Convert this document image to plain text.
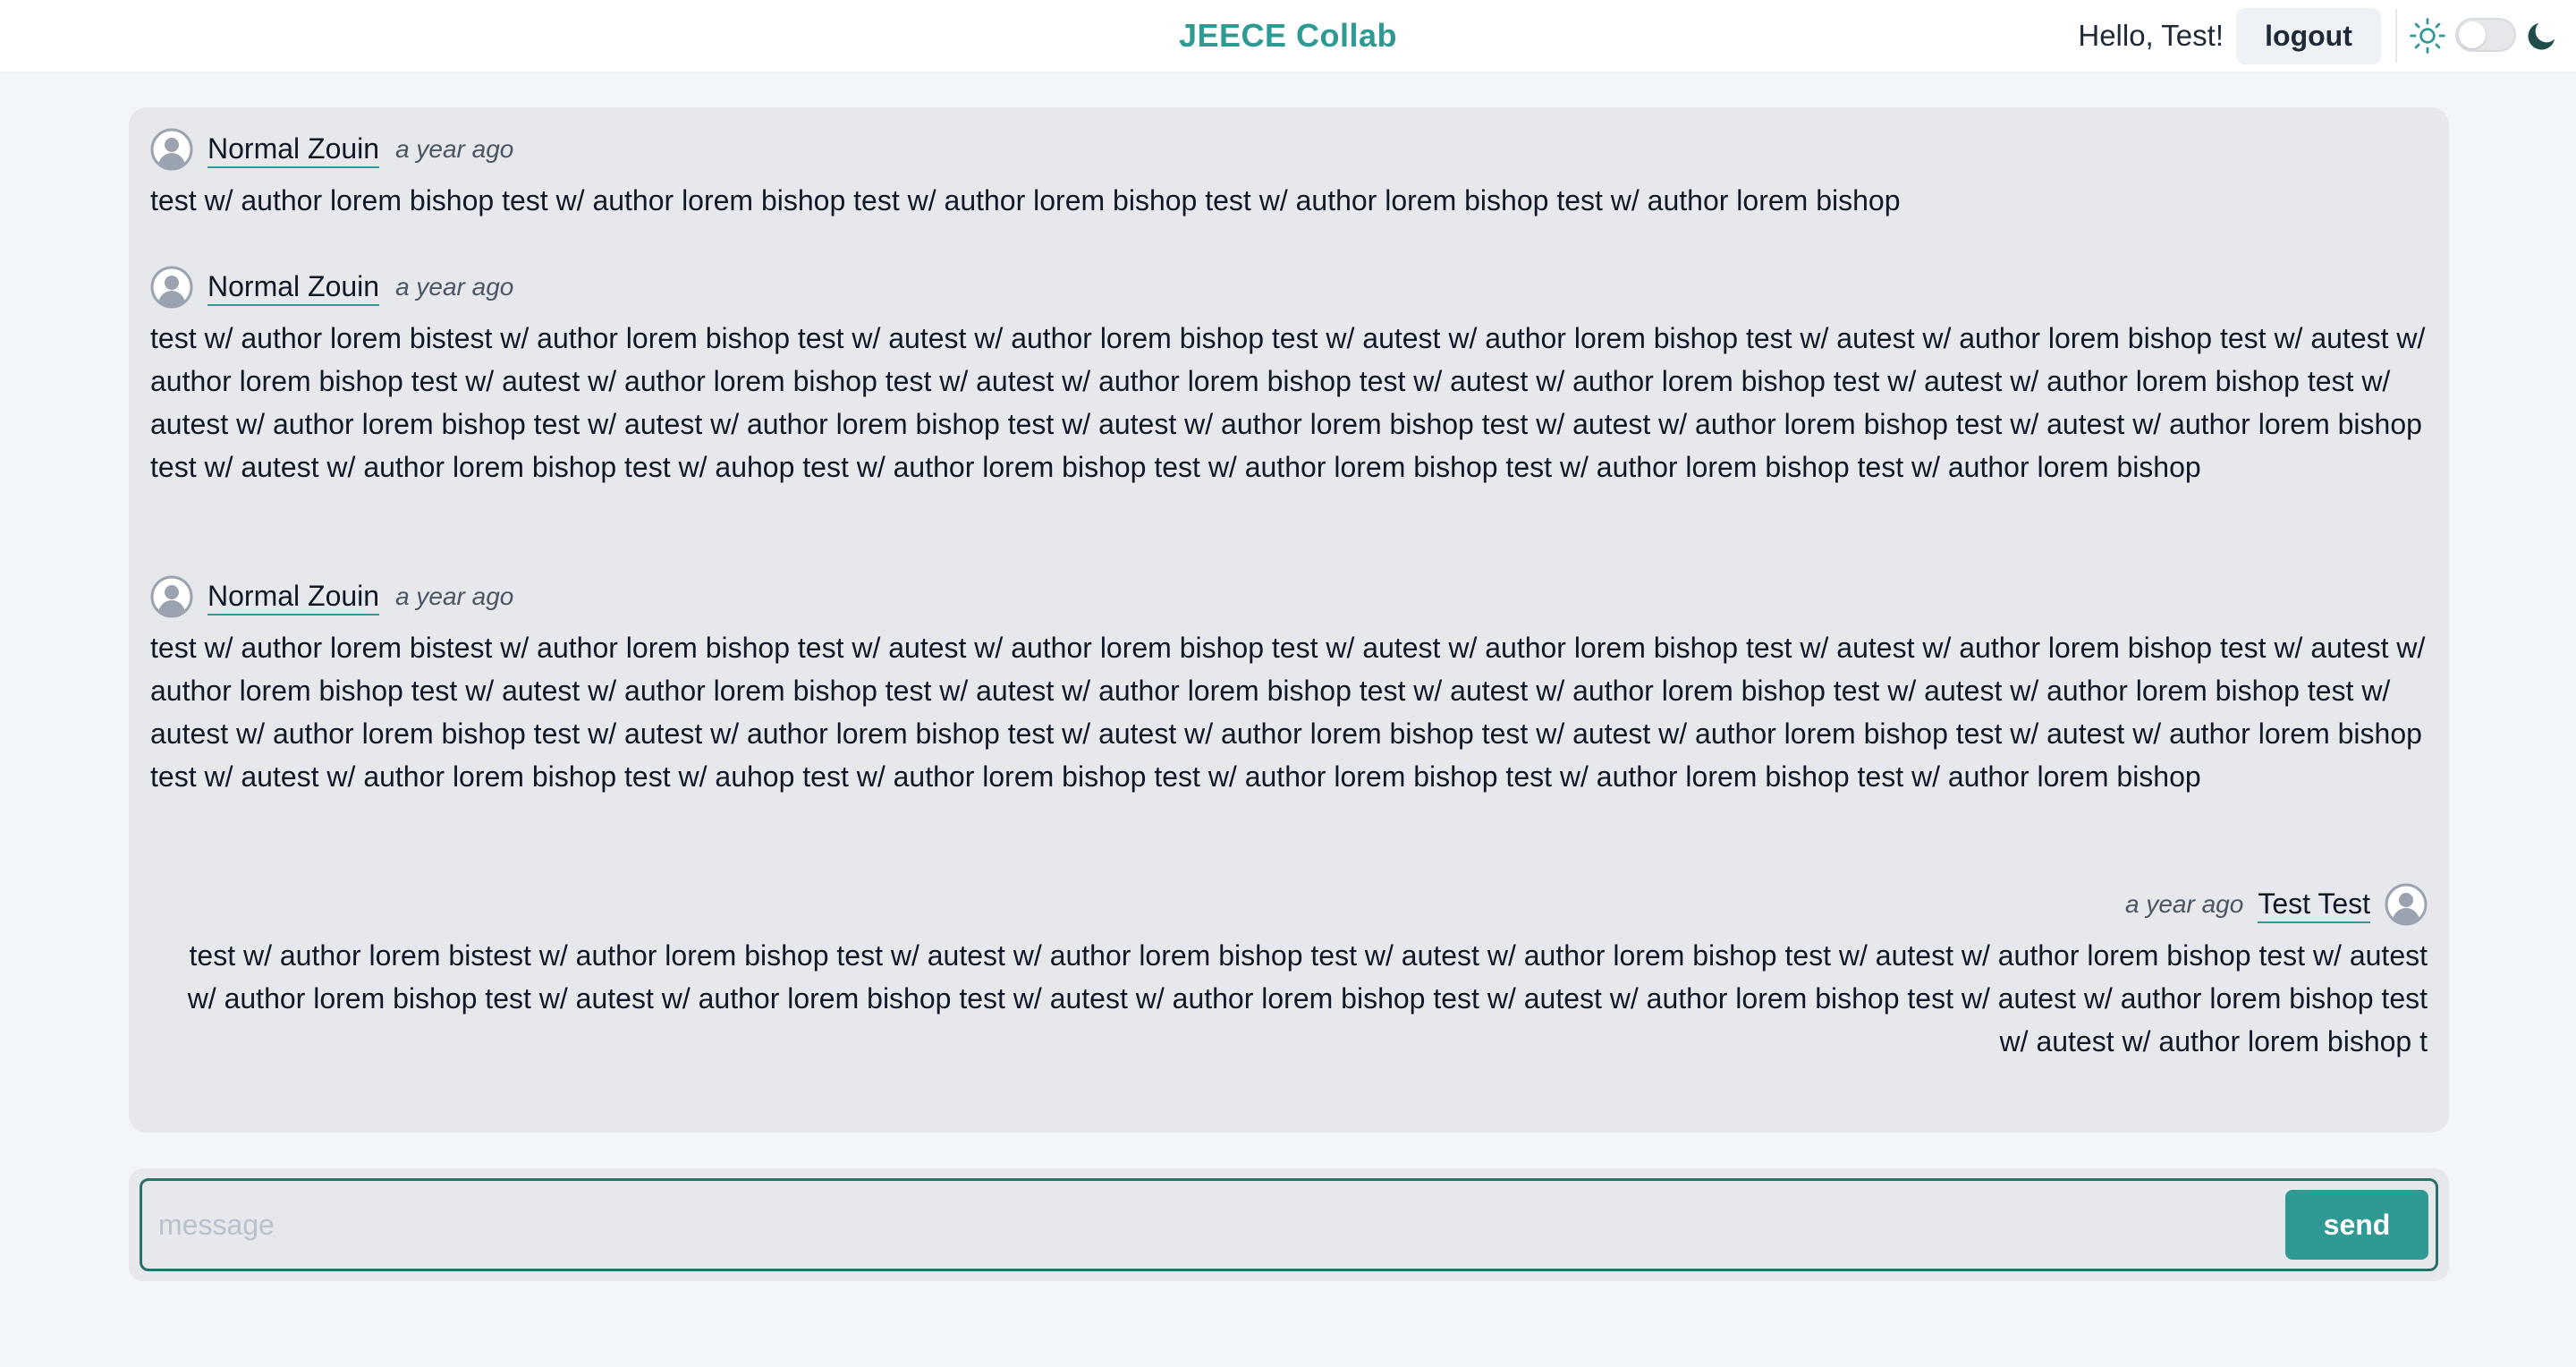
JEECE Collab	Hello, Test!	logout
Normal Zouin a year ago
test w/ author lorem bishop test w/ author lorem bishop test w/ author lorem bishop test w/ author lorem bishop test w/ author lorem bishop
Normal Zouin a year ago
test w/ author lorem bistest w/ author lorem bishop test w/ autest w/ author lorem bishop test w/ autest w/ author lorem bishop test w/ autest w/ author lorem bishop test w/ autest w/ author lorem bishop test w/ autest w/ author lorem bishop test w/ autest w/ author lorem bishop test w/ autest w/ author lorem bishop test w/ autest w/ author lorem bishop test w/ autest w/ author lorem bishop test w/ autest w/ author lorem bishop test w/ autest w/ author lorem bishop test w/ autest w/ author lorem bishop test w/ autest w/ author lorem bishop test w/ autest w/ author lorem bishop test w/ auhop test w/ author lorem bishop test w/ author lorem bishop test w/ author lorem bishop test w/ author lorem bishop
Normal Zouin a year ago
test w/ author lorem bistest w/ author lorem bishop test w/ autest w/ author lorem bishop test w/ autest w/ author lorem bishop test w/ autest w/ author lorem bishop test w/ autest w/ author lorem bishop test w/ autest w/ author lorem bishop test w/ autest w/ author lorem bishop test w/ autest w/ author lorem bishop test w/ autest w/ author lorem bishop test w/ autest w/ author lorem bishop test w/ autest w/ author lorem bishop test w/ autest w/ author lorem bishop test w/ autest w/ author lorem bishop test w/ autest w/ author lorem bishop test w/ autest w/ author lorem bishop test w/ auhop test w/ author lorem bishop test w/ author lorem bishop test w/ author lorem bishop test w/ author lorem bishop
a year ago Test Test
test w/ author lorem bistest w/ author lorem bishop test w/ autest w/ author lorem bishop test w/ autest w/ author lorem bishop test w/ autest w/ author lorem bishop test w/ autest w/ author lorem bishop test w/ autest w/ author lorem bishop test w/ autest w/ author lorem bishop test w/ autest w/ author lorem bishop test w/ autest w/ author lorem bishop test w/ autest w/ author lorem bishop t
message
send
